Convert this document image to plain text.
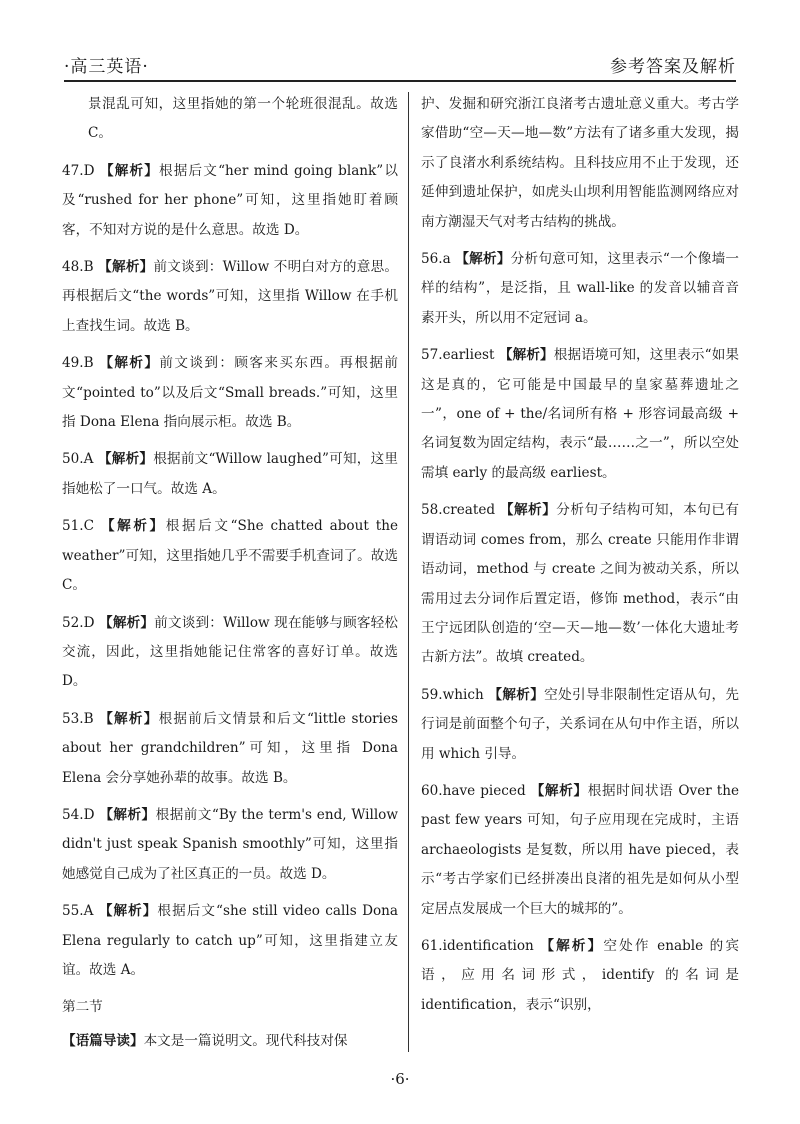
·高三英语·	参考答案及解析
景混乱可知，这里指她的第一个轮班很混乱。故选 C。
47.D 【解析】根据后文“her mind going blank”以及“rushed for her phone”可知，这里指她盯着顾客，不知对方说的是什么意思。故选 D。
48.B 【解析】前文谈到：Willow 不明白对方的意思。再根据后文“the words”可知，这里指 Willow 在手机上查找生词。故选 B。
49.B 【解析】前文谈到：顾客来买东西。再根据前文“pointed to”以及后文“Small breads.”可知，这里指 Dona Elena 指向展示柜。故选 B。
50.A 【解析】根据前文“Willow laughed”可知，这里指她松了一口气。故选 A。
51.C 【解析】根据后文“She chatted about the weather”可知，这里指她几乎不需要手机查词了。故选 C。
52.D 【解析】前文谈到：Willow 现在能够与顾客轻松交流，因此，这里指她能记住常客的喜好订单。故选 D。
53.B 【解析】根据前后文情景和后文“little stories about her grandchildren”可知，这里指 Dona Elena 会分享她孙辈的故事。故选 B。
54.D 【解析】根据前文“By the term's end, Willow didn't just speak Spanish smoothly”可知，这里指她感觉自己成为了社区真正的一员。故选 D。
55.A 【解析】根据后文“she still video calls Dona Elena regularly to catch up”可知，这里指建立友谊。故选 A。
第二节
【语篇导读】本文是一篇说明文。现代科技对保
护、发掘和研究浙江良渚考古遗址意义重大。考古学家借助“空—天—地—数”方法有了诸多重大发现，揭示了良渚水利系统结构。且科技应用不止于发现，还延伸到遗址保护，如虎头山坝利用智能监测网络应对南方潮湿天气对考古结构的挑战。
56.a 【解析】分析句意可知，这里表示“一个像墙一样的结构”，是泛指，且 wall-like 的发音以辅音音素开头，所以用不定冠词 a。
57.earliest 【解析】根据语境可知，这里表示“如果这是真的，它可能是中国最早的皇家墓葬遗址之一”，one of + the/名词所有格 + 形容词最高级 + 名词复数为固定结构，表示“最……之一”，所以空处需填 early 的最高级 earliest。
58.created 【解析】分析句子结构可知，本句已有谓语动词 comes from，那么 create 只能用作非谓语动词，method 与 create 之间为被动关系，所以需用过去分词作后置定语，修饰 method，表示“由王宁远团队创造的‘空—天—地—数’一体化大遗址考古新方法”。故填 created。
59.which 【解析】空处引导非限制性定语从句，先行词是前面整个句子，关系词在从句中作主语，所以用 which 引导。
60.have pieced 【解析】根据时间状语 Over the past few years 可知，句子应用现在完成时，主语 archaeologists 是复数，所以用 have pieced，表示“考古学家们已经拼凑出良渚的祖先是如何从小型定居点发展成一个巨大的城邦的”。
61.identification 【解析】空处作 enable 的宾语，应用名词形式，identify 的名词是 identification，表示“识别，
·6·
